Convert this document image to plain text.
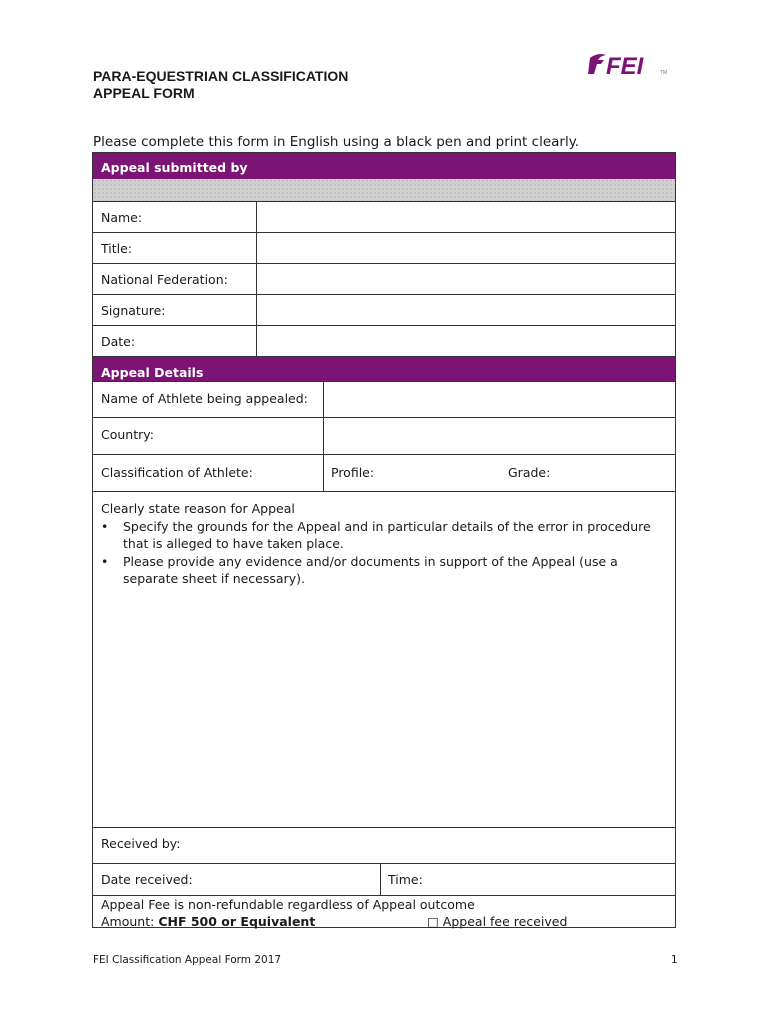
PARA-EQUESTRIAN CLASSIFICATION
APPEAL FORM
FEI	TM
Please complete this form in English using a black pen and print clearly.
Appeal submitted by
Name:
Title:
National Federation:
Signature:
Date:
Appeal Details
Name of Athlete being appealed:
Country:
Classification of Athlete:	Profile:	Grade:
Clearly state reason for Appeal
• Specify the grounds for the Appeal and in particular details of the error in procedure that is alleged to have taken place.
• Please provide any evidence and/or documents in support of the Appeal (use a separate sheet if necessary).
Received by:
Date received:	Time:
Appeal Fee is non-refundable regardless of Appeal outcome
Amount: CHF 500 or Equivalent	□ Appeal fee received
FEI Classification Appeal Form 2017	1
